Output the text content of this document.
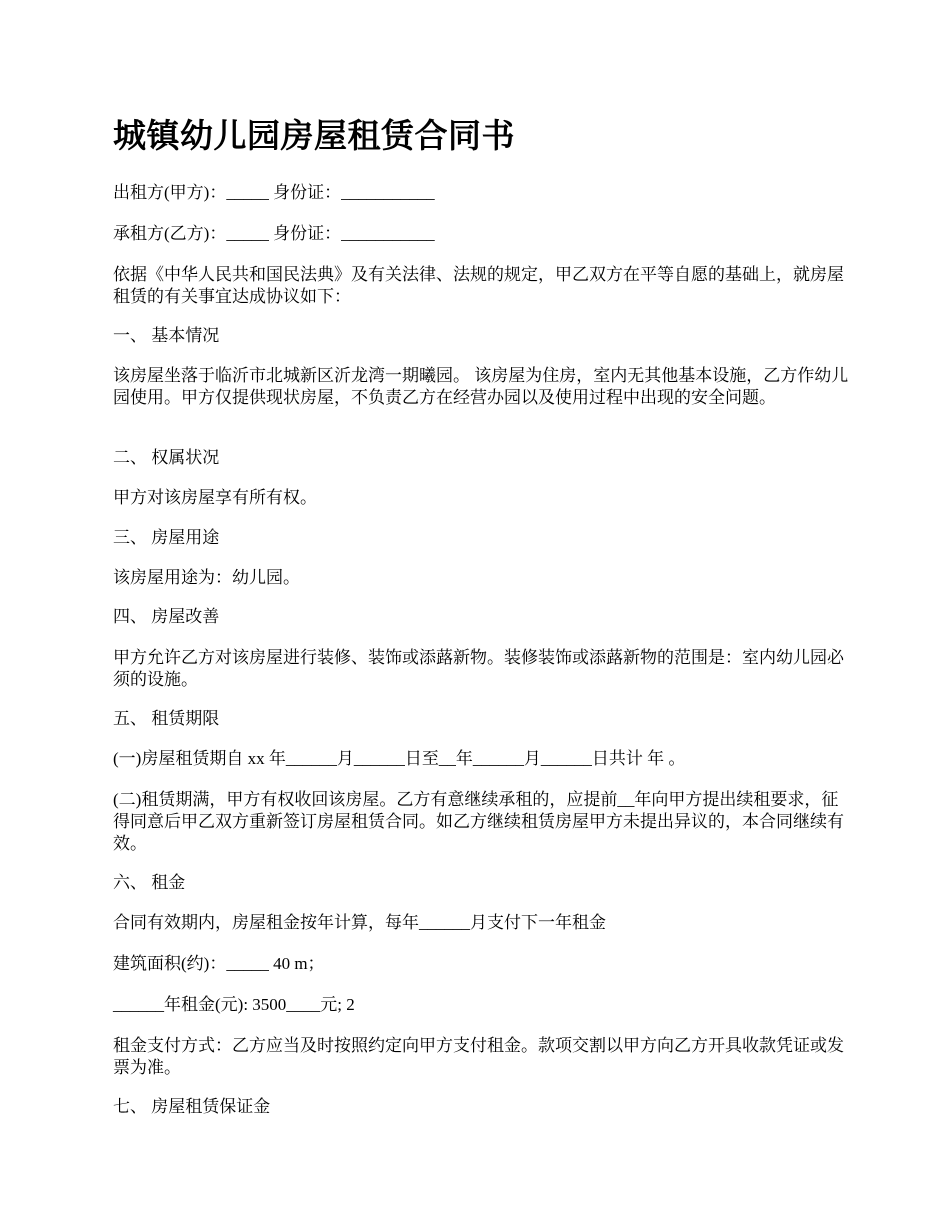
城镇幼儿园房屋租赁合同书

出租方(甲方)：_____ 身份证：___________

承租方(乙方)：_____ 身份证：___________

依据《中华人民共和国民法典》及有关法律、法规的规定，甲乙双方在平等自愿的基础上，就房屋租赁的有关事宜达成协议如下：

一、 基本情况

该房屋坐落于临沂市北城新区沂龙湾一期曦园。 该房屋为住房，室内无其他基本设施，乙方作幼儿园使用。甲方仅提供现状房屋，不负责乙方在经营办园以及使用过程中出现的安全问题。

二、 权属状况

甲方对该房屋享有所有权。

三、 房屋用途

该房屋用途为：幼儿园。

四、 房屋改善

甲方允许乙方对该房屋进行装修、装饰或添蕗新物。装修装饰或添蕗新物的范围是：室内幼儿园必须的设施。

五、 租赁期限

(一)房屋租赁期自 xx 年______月______日至__年______月______日共计 年 。

(二)租赁期满，甲方有权收回该房屋。乙方有意继续承租的，应提前__年向甲方提出续租要求，征得同意后甲乙双方重新签订房屋租赁合同。如乙方继续租赁房屋甲方未提出异议的，本合同继续有效。

六、 租金

合同有效期内，房屋租金按年计算，每年______月支付下一年租金

建筑面积(约)：_____ 40 m；

______年租金(元): 3500____元; 2

租金支付方式：乙方应当及时按照约定向甲方支付租金。款项交割以甲方向乙方开具收款凭证或发票为准。

七、 房屋租赁保证金
